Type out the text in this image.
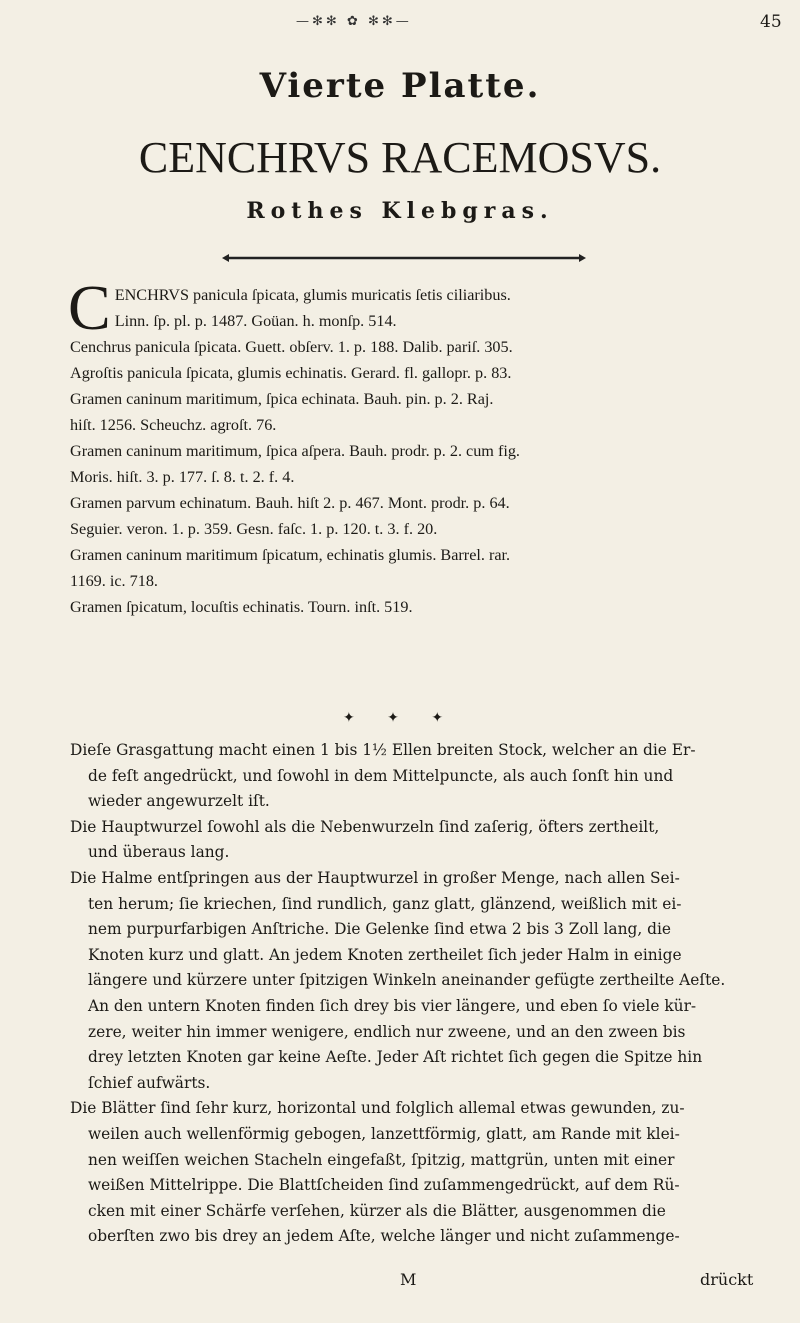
—✻✻ ✿ ✻✻—	45
Vierte Platte.
CENCHRVS RACEMOSVS.
Rothes Klebgras.
C ENCHRVS panicula ſpicata, glumis muricatis ſetis ciliaribus.

Linn. ſp. pl. p. 1487. Goüan. h. monſp. 514.

Cenchrus panicula ſpicata. Guett. obſerv. 1. p. 188. Dalib. pariſ. 305.

Agroſtis panicula ſpicata, glumis echinatis. Gerard. fl. gallopr. p. 83.

Gramen caninum maritimum, ſpica echinata. Bauh. pin. p. 2. Raj.

hiſt. 1256. Scheuchz. agroſt. 76.

Gramen caninum maritimum, ſpica aſpera. Bauh. prodr. p. 2. cum fig.

Moris. hiſt. 3. p. 177. ſ. 8. t. 2. f. 4.

Gramen parvum echinatum. Bauh. hiſt 2. p. 467. Mont. prodr. p. 64.

Seguier. veron. 1. p. 359. Gesn. faſc. 1. p. 120. t. 3. f. 20.

Gramen caninum maritimum ſpicatum, echinatis glumis. Barrel. rar.

1169. ic. 718.

Gramen ſpicatum, locuſtis echinatis. Tourn. inſt. 519.

✦ ✦ ✦
Dieſe Grasgattung macht einen 1 bis 1½ Ellen breiten Stock, welcher an die Er-
de feſt angedrückt, und ſowohl in dem Mittelpuncte, als auch ſonſt hin und
wieder angewurzelt iſt.
Die Hauptwurzel ſowohl als die Nebenwurzeln ſind zaſerig, öfters zertheilt,
und überaus lang.
Die Halme entſpringen aus der Hauptwurzel in großer Menge, nach allen Sei-
ten herum; ſie kriechen, ſind rundlich, ganz glatt, glänzend, weißlich mit ei-
nem purpurfarbigen Anſtriche. Die Gelenke ſind etwa 2 bis 3 Zoll lang, die
Knoten kurz und glatt. An jedem Knoten zertheilet ſich jeder Halm in einige
längere und kürzere unter ſpitzigen Winkeln aneinander gefügte zertheilte Aeſte.
An den untern Knoten finden ſich drey bis vier längere, und eben ſo viele kür-
zere, weiter hin immer wenigere, endlich nur zweene, und an den zween bis
drey letzten Knoten gar keine Aeſte. Jeder Aſt richtet ſich gegen die Spitze hin
ſchief aufwärts.
Die Blätter ſind ſehr kurz, horizontal und folglich allemal etwas gewunden, zu-
weilen auch wellenförmig gebogen, lanzettförmig, glatt, am Rande mit klei-
nen weiſſen weichen Stacheln eingefaßt, ſpitzig, mattgrün, unten mit einer
weißen Mittelrippe. Die Blattſcheiden ſind zuſammengedrückt, auf dem Rü-
cken mit einer Schärfe verſehen, kürzer als die Blätter, ausgenommen die
oberſten zwo bis drey an jedem Aſte, welche länger und nicht zuſammenge-
M	drückt
